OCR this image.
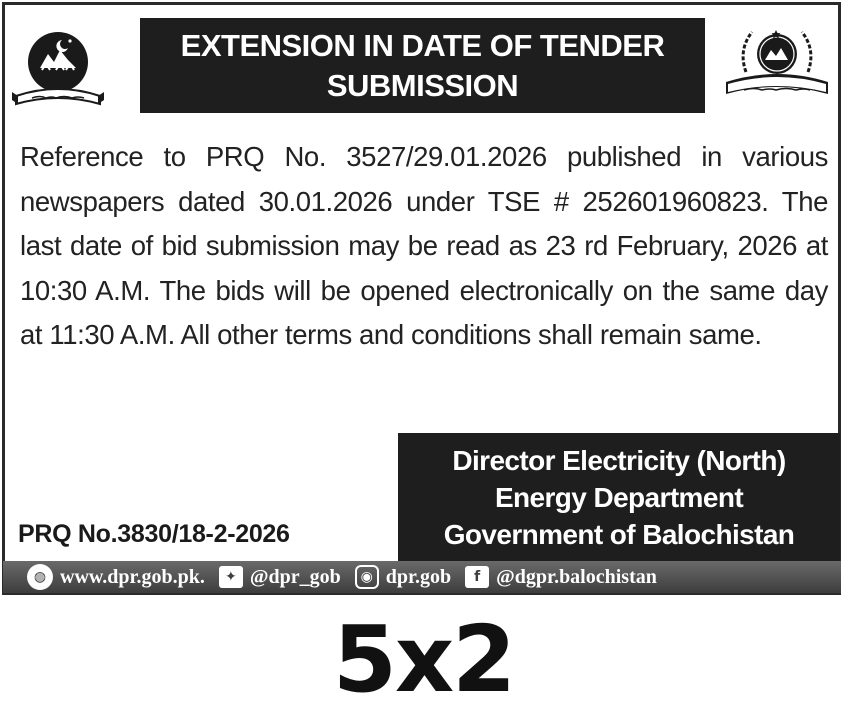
EXTENSION IN DATE OF TENDER
SUBMISSION
Reference to PRQ No. 3527/29.01.2026 published in various newspapers dated 30.01.2026 under TSE # 252601960823. The last date of bid submission may be read as 23 rd February, 2026 at 10:30 A.M. The bids will be opened electronically on the same day at 11:30 A.M. All other terms and conditions shall remain same.
Director Electricity (North)
Energy Department
Government of Balochistan
PRQ No.3830/18-2-2026
◍ www.dpr.gob.pk.	✦ @dpr_gob	◉ dpr.gob	f @dgpr.balochistan
5x2
